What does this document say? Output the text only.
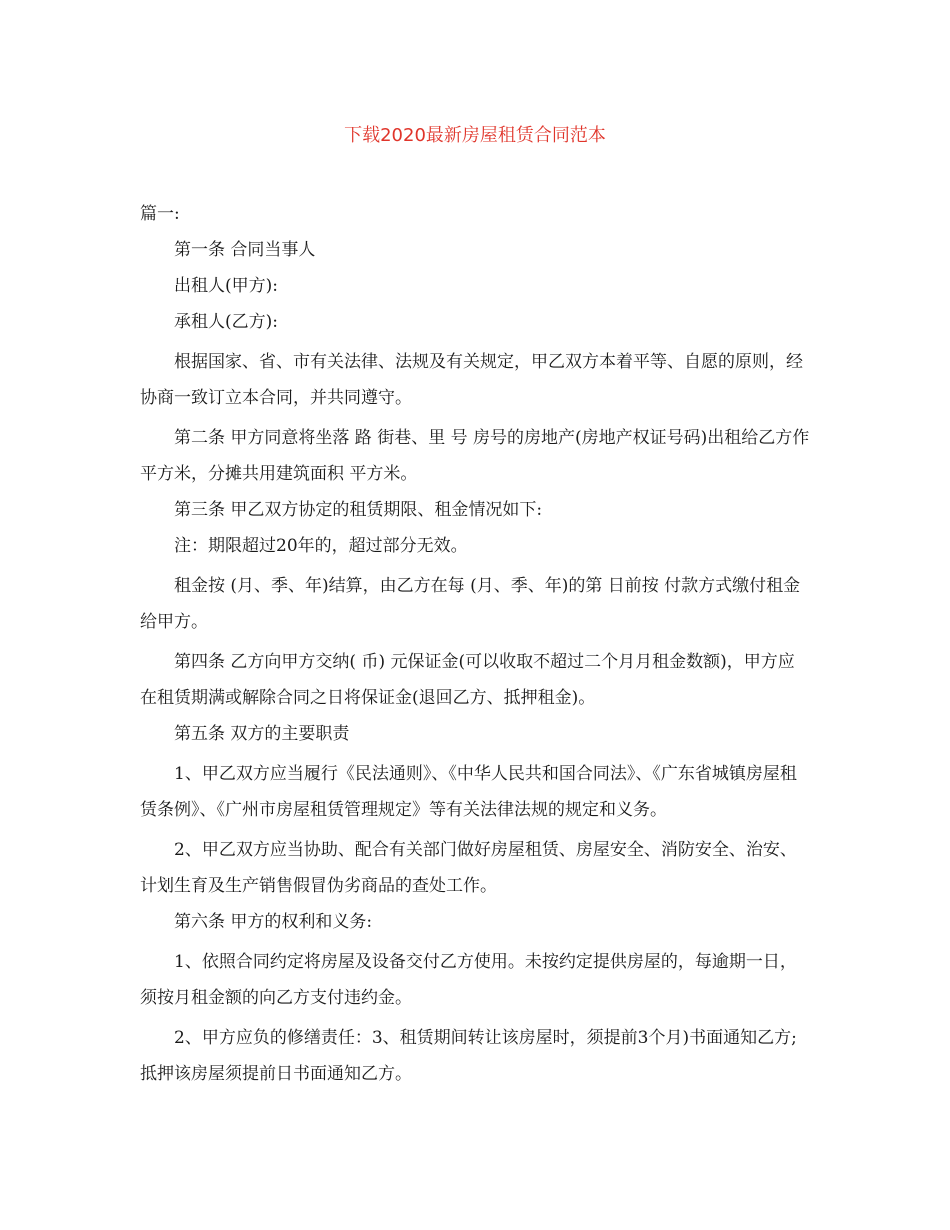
下载2020最新房屋租赁合同范本

篇一:

第一条 合同当事人

出租人(甲方):

承租人(乙方):

根据国家、省、市有关法律、法规及有关规定，甲乙双方本着平等、自愿的原则，经协商一致订立本合同，并共同遵守。

第二条 甲方同意将坐落 路 街巷、里 号 房号的房地产(房地产权证号码)出租给乙方作平方米，分摊共用建筑面积 平方米。

第三条 甲乙双方协定的租赁期限、租金情况如下:

注：期限超过20年的，超过部分无效。

租金按 (月、季、年)结算，由乙方在每 (月、季、年)的第 日前按 付款方式缴付租金给甲方。

第四条 乙方向甲方交纳( 币) 元保证金(可以收取不超过二个月月租金数额)，甲方应在租赁期满或解除合同之日将保证金(退回乙方、抵押租金)。

第五条 双方的主要职责

1、甲乙双方应当履行《民法通则》、《中华人民共和国合同法》、《广东省城镇房屋租赁条例》、《广州市房屋租赁管理规定》等有关法律法规的规定和义务。

2、甲乙双方应当协助、配合有关部门做好房屋租赁、房屋安全、消防安全、治安、计划生育及生产销售假冒伪劣商品的查处工作。

第六条 甲方的权利和义务:

1、依照合同约定将房屋及设备交付乙方使用。未按约定提供房屋的，每逾期一日，须按月租金额的向乙方支付违约金。

2、甲方应负的修缮责任：3、租赁期间转让该房屋时，须提前3个月)书面通知乙方;抵押该房屋须提前日书面通知乙方。
